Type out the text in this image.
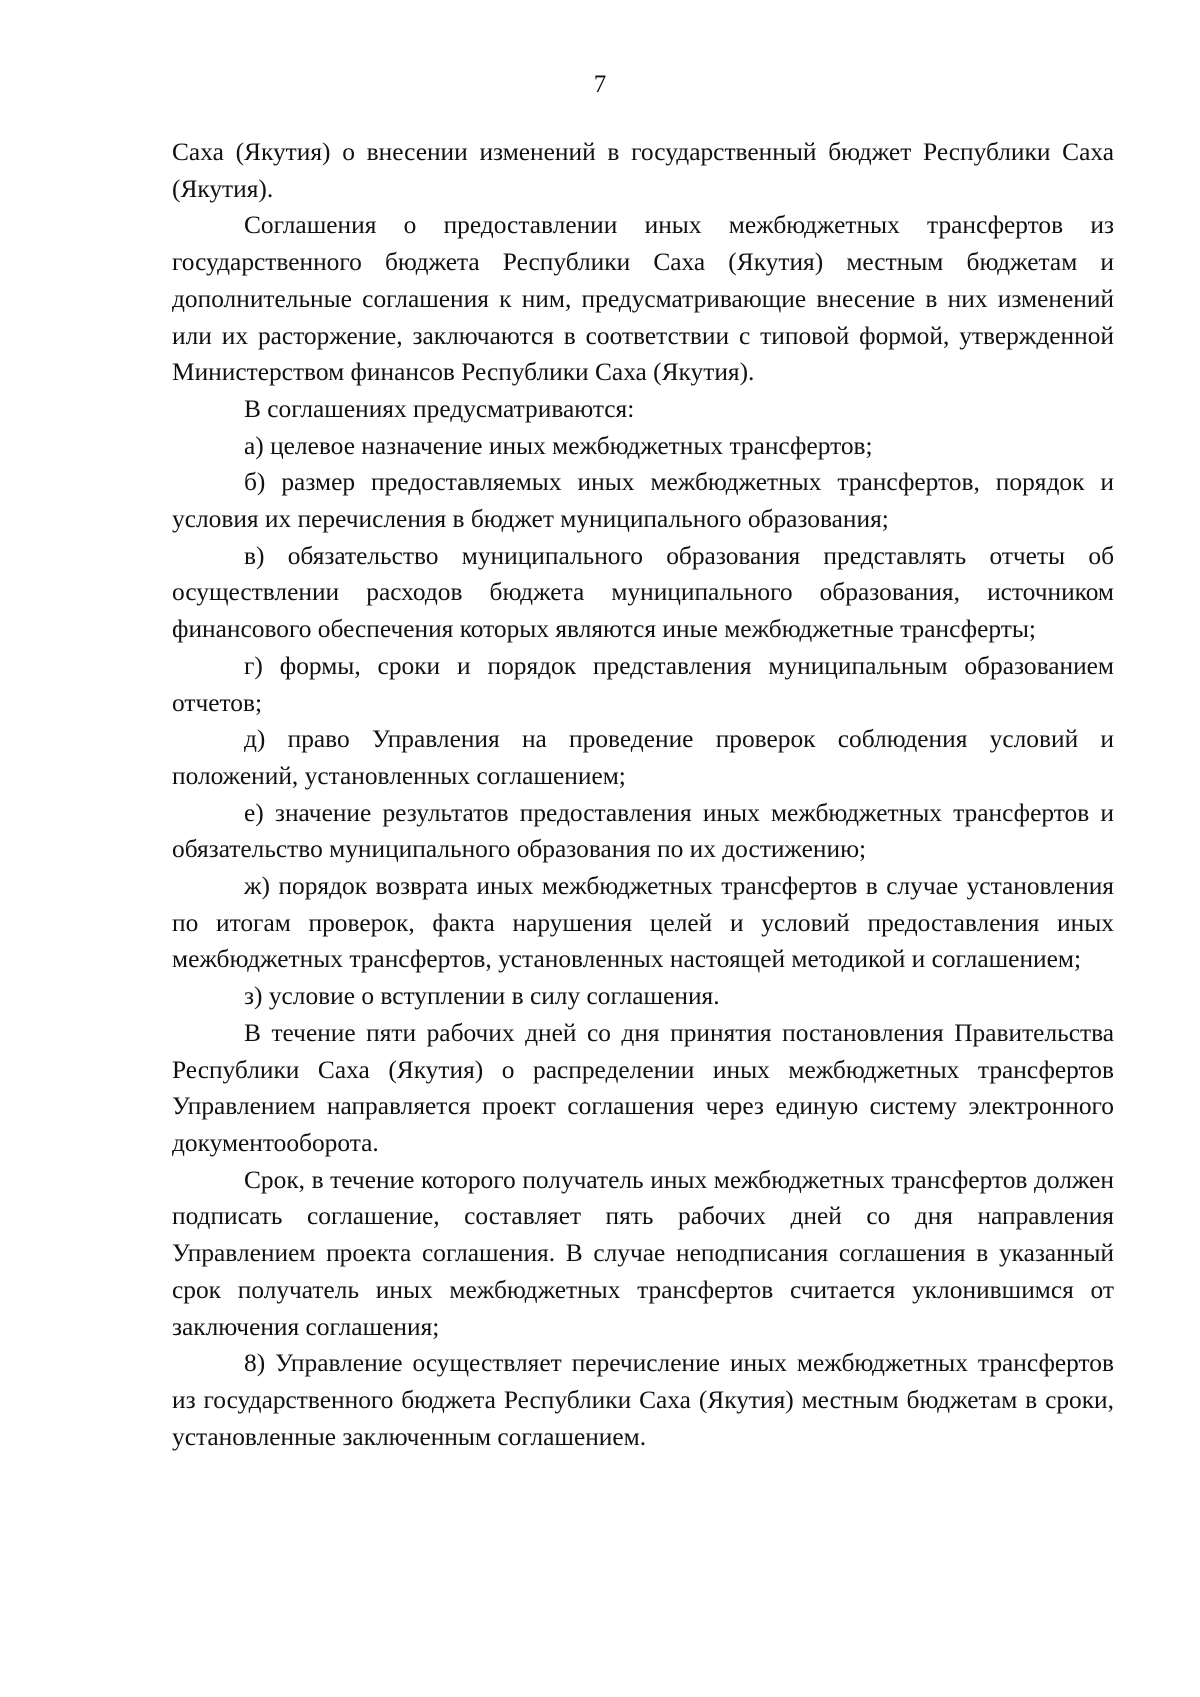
7

Саха (Якутия) о внесении изменений в государственный бюджет Республики Саха (Якутия).

Соглашения о предоставлении иных межбюджетных трансфертов из государственного бюджета Республики Саха (Якутия) местным бюджетам и дополнительные соглашения к ним, предусматривающие внесение в них изменений или их расторжение, заключаются в соответствии с типовой формой, утвержденной Министерством финансов Республики Саха (Якутия).

В соглашениях предусматриваются:

а) целевое назначение иных межбюджетных трансфертов;

б) размер предоставляемых иных межбюджетных трансфертов, порядок и условия их перечисления в бюджет муниципального образования;

в) обязательство муниципального образования представлять отчеты об осуществлении расходов бюджета муниципального образования, источником финансового обеспечения которых являются иные межбюджетные трансферты;

г) формы, сроки и порядок представления муниципальным образованием отчетов;

д) право Управления на проведение проверок соблюдения условий и положений, установленных соглашением;

е) значение результатов предоставления иных межбюджетных трансфертов и обязательство муниципального образования по их достижению;

ж) порядок возврата иных межбюджетных трансфертов в случае установления по итогам проверок, факта нарушения целей и условий предоставления иных межбюджетных трансфертов, установленных настоящей методикой и соглашением;

з) условие о вступлении в силу соглашения.

В течение пяти рабочих дней со дня принятия постановления Правительства Республики Саха (Якутия) о распределении иных межбюджетных трансфертов Управлением направляется проект соглашения через единую систему электронного документооборота.

Срок, в течение которого получатель иных межбюджетных трансфертов должен подписать соглашение, составляет пять рабочих дней со дня направления Управлением проекта соглашения. В случае неподписания соглашения в указанный срок получатель иных межбюджетных трансфертов считается уклонившимся от заключения соглашения;

8) Управление осуществляет перечисление иных межбюджетных трансфертов из государственного бюджета Республики Саха (Якутия) местным бюджетам в сроки, установленные заключенным соглашением.
